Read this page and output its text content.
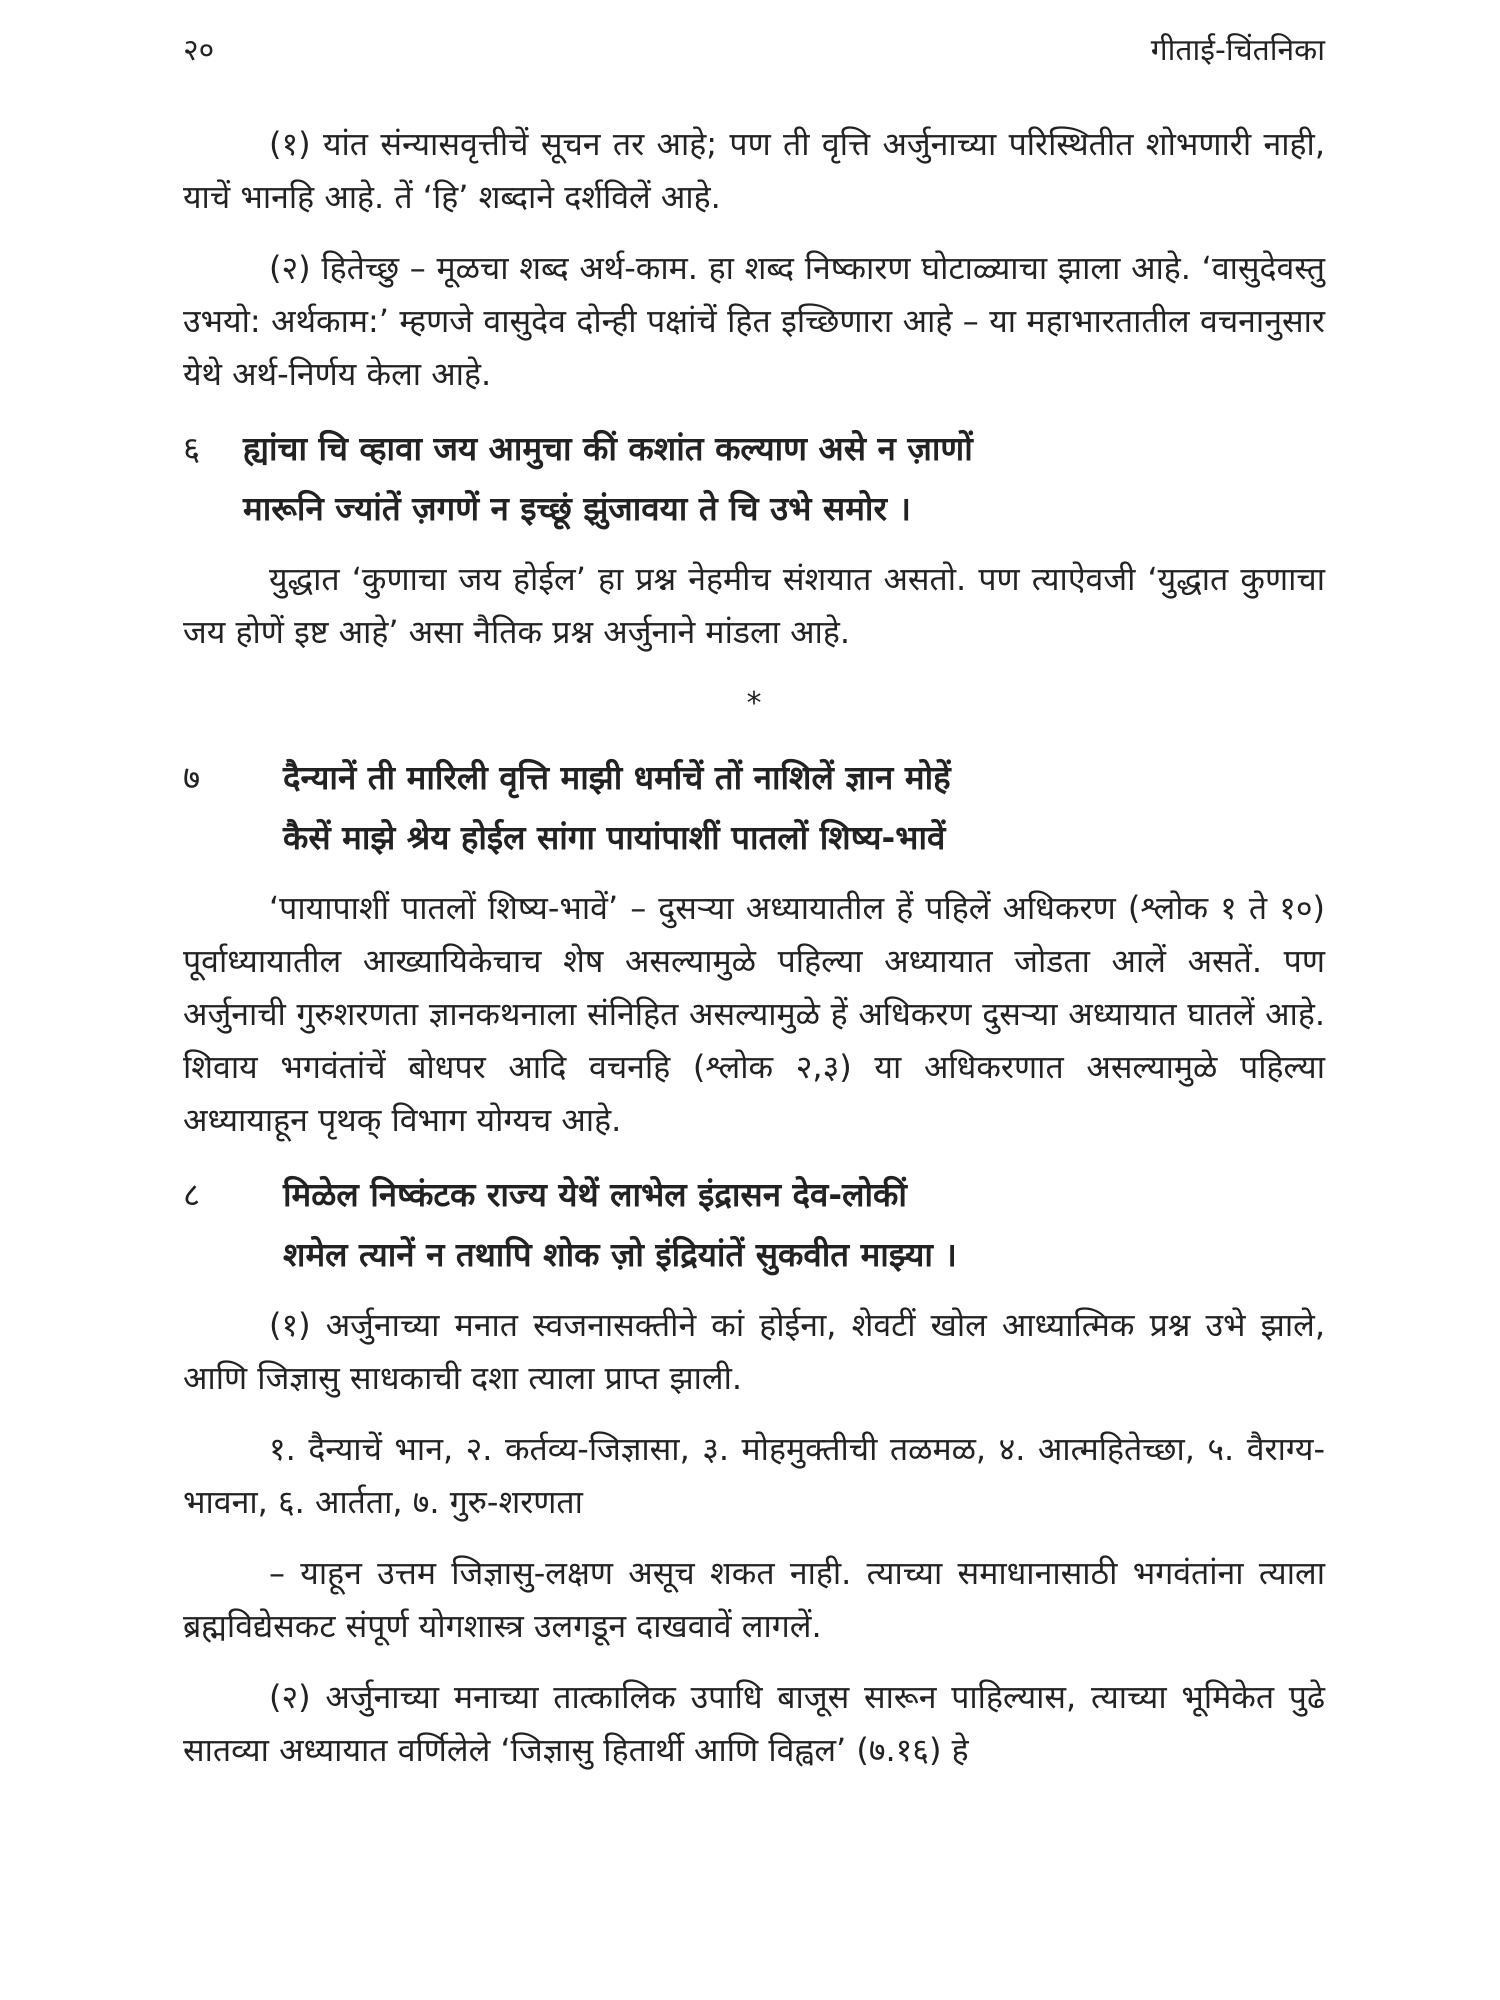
२०	गीताई-चिंतनिका

(१) यांत संन्यासवृत्तीचें सूचन तर आहे; पण ती वृत्ति अर्जुनाच्या परिस्थितीत शोभणारी नाही, याचें भानहि आहे. तें ‘हि’ शब्दाने दर्शविलें आहे.

(२) हितेच्छु – मूळचा शब्द अर्थ-काम. हा शब्द निष्कारण घोटाळ्याचा झाला आहे. ‘वासुदेवस्तु उभयो: अर्थकाम:’ म्हणजे वासुदेव दोन्ही पक्षांचें हित इच्छिणारा आहे – या महाभारतातील वचनानुसार येथे अर्थ-निर्णय केला आहे.

६	ह्यांचा चि व्हावा जय आमुचा कीं कशांत कल्याण असे न ज़ाणों
मारूनि ज्यांतें ज़गणें न इच्छूं झुंजावया ते चि उभे समोर ।

युद्धात ‘कुणाचा जय होईल’ हा प्रश्न नेहमीच संशयात असतो. पण त्याऐवजी ‘युद्धात कुणाचा जय होणें इष्ट आहे’ असा नैतिक प्रश्न अर्जुनाने मांडला आहे.

*
७	दैन्यानें ती मारिली वृत्ति माझी धर्माचें तों नाशिलें ज्ञान मोहें
कैसें माझे श्रेय होईल सांगा पायांपाशीं पातलों शिष्य-भावें

‘पायापाशीं पातलों शिष्य-भावें’ – दुसऱ्या अध्यायातील हें पहिलें अधिकरण (श्लोक १ ते १०) पूर्वाध्यायातील आख्यायिकेचाच शेष असल्यामुळे पहिल्या अध्यायात जोडता आलें असतें. पण अर्जुनाची गुरुशरणता ज्ञानकथनाला संनिहित असल्यामुळे हें अधिकरण दुसऱ्या अध्यायात घातलें आहे. शिवाय भगवंतांचें बोधपर आदि वचनहि (श्लोक २,३) या अधिकरणात असल्यामुळे पहिल्या अध्यायाहून पृथक् विभाग योग्यच आहे.

८	मिळेल निष्कंटक राज्य येथें लाभेल इंद्रासन देव-लोकीं
शमेल त्यानें न तथापि शोक ज़ो इंद्रियांतें सुकवीत माझ्या ।

(१) अर्जुनाच्या मनात स्वजनासक्तीने कां होईना, शेवटीं खोल आध्यात्मिक प्रश्न उभे झाले, आणि जिज्ञासु साधकाची दशा त्याला प्राप्त झाली.

१. दैन्याचें भान, २. कर्तव्य-जिज्ञासा, ३. मोहमुक्तीची तळमळ, ४. आत्महितेच्छा, ५. वैराग्य-भावना, ६. आर्तता, ७. गुरु-शरणता

– याहून उत्तम जिज्ञासु-लक्षण असूच शकत नाही. त्याच्या समाधानासाठी भगवंतांना त्याला ब्रह्मविद्येसकट संपूर्ण योगशास्त्र उलगडून दाखवावें लागलें.

(२) अर्जुनाच्या मनाच्या तात्कालिक उपाधि बाजूस सारून पाहिल्यास, त्याच्या भूमिकेत पुढे सातव्या अध्यायात वर्णिलेले ‘जिज्ञासु हितार्थी आणि विह्वल’ (७.१६) हे
